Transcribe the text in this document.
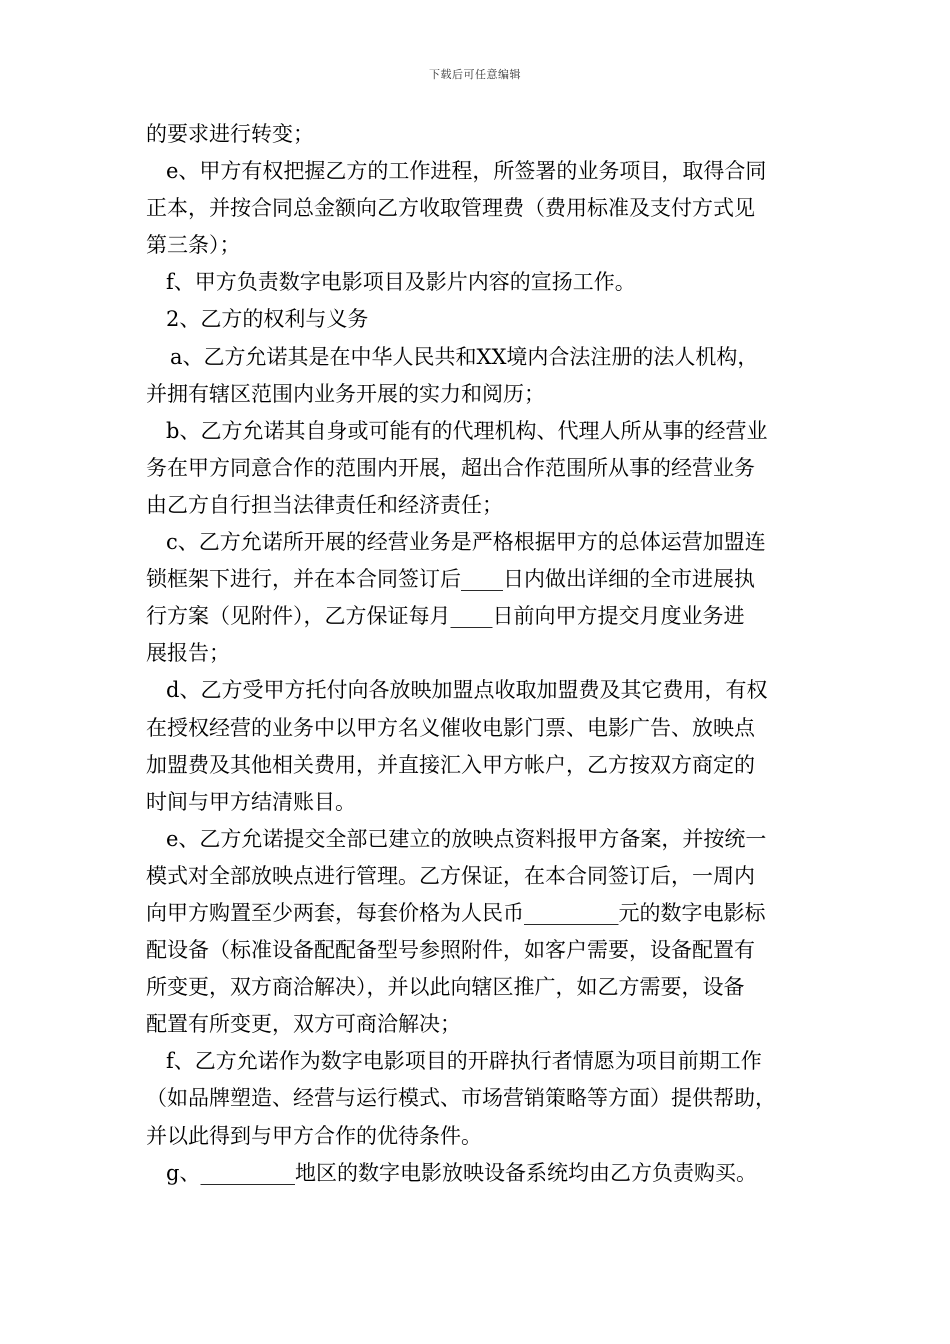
下载后可任意编辑
的要求进行转变；
e、甲方有权把握乙方的工作进程，所签署的业务项目，取得合同
正本，并按合同总金额向乙方收取管理费（费用标准及支付方式见
第三条）；
f、甲方负责数字电影项目及影片内容的宣扬工作。
2、乙方的权利与义务
a、乙方允诺其是在中华人民共和XX境内合法注册的法人机构，
并拥有辖区范围内业务开展的实力和阅历；
b、乙方允诺其自身或可能有的代理机构、代理人所从事的经营业
务在甲方同意合作的范围内开展，超出合作范围所从事的经营业务
由乙方自行担当法律责任和经济责任；
c、乙方允诺所开展的经营业务是严格根据甲方的总体运营加盟连
锁框架下进行，并在本合同签订后____日内做出详细的全市进展执
行方案（见附件），乙方保证每月____日前向甲方提交月度业务进
展报告；
d、乙方受甲方托付向各放映加盟点收取加盟费及其它费用，有权
在授权经营的业务中以甲方名义催收电影门票、电影广告、放映点
加盟费及其他相关费用，并直接汇入甲方帐户，乙方按双方商定的
时间与甲方结清账目。
e、乙方允诺提交全部已建立的放映点资料报甲方备案，并按统一
模式对全部放映点进行管理。乙方保证，在本合同签订后，一周内
向甲方购置至少两套，每套价格为人民币_________元的数字电影标
配设备（标准设备配配备型号参照附件，如客户需要，设备配置有
所变更，双方商洽解决），并以此向辖区推广，如乙方需要，设备
配置有所变更，双方可商洽解决；
f、乙方允诺作为数字电影项目的开辟执行者情愿为项目前期工作
（如品牌塑造、经营与运行模式、市场营销策略等方面）提供帮助，
并以此得到与甲方合作的优待条件。
g、_________地区的数字电影放映设备系统均由乙方负责购买。
